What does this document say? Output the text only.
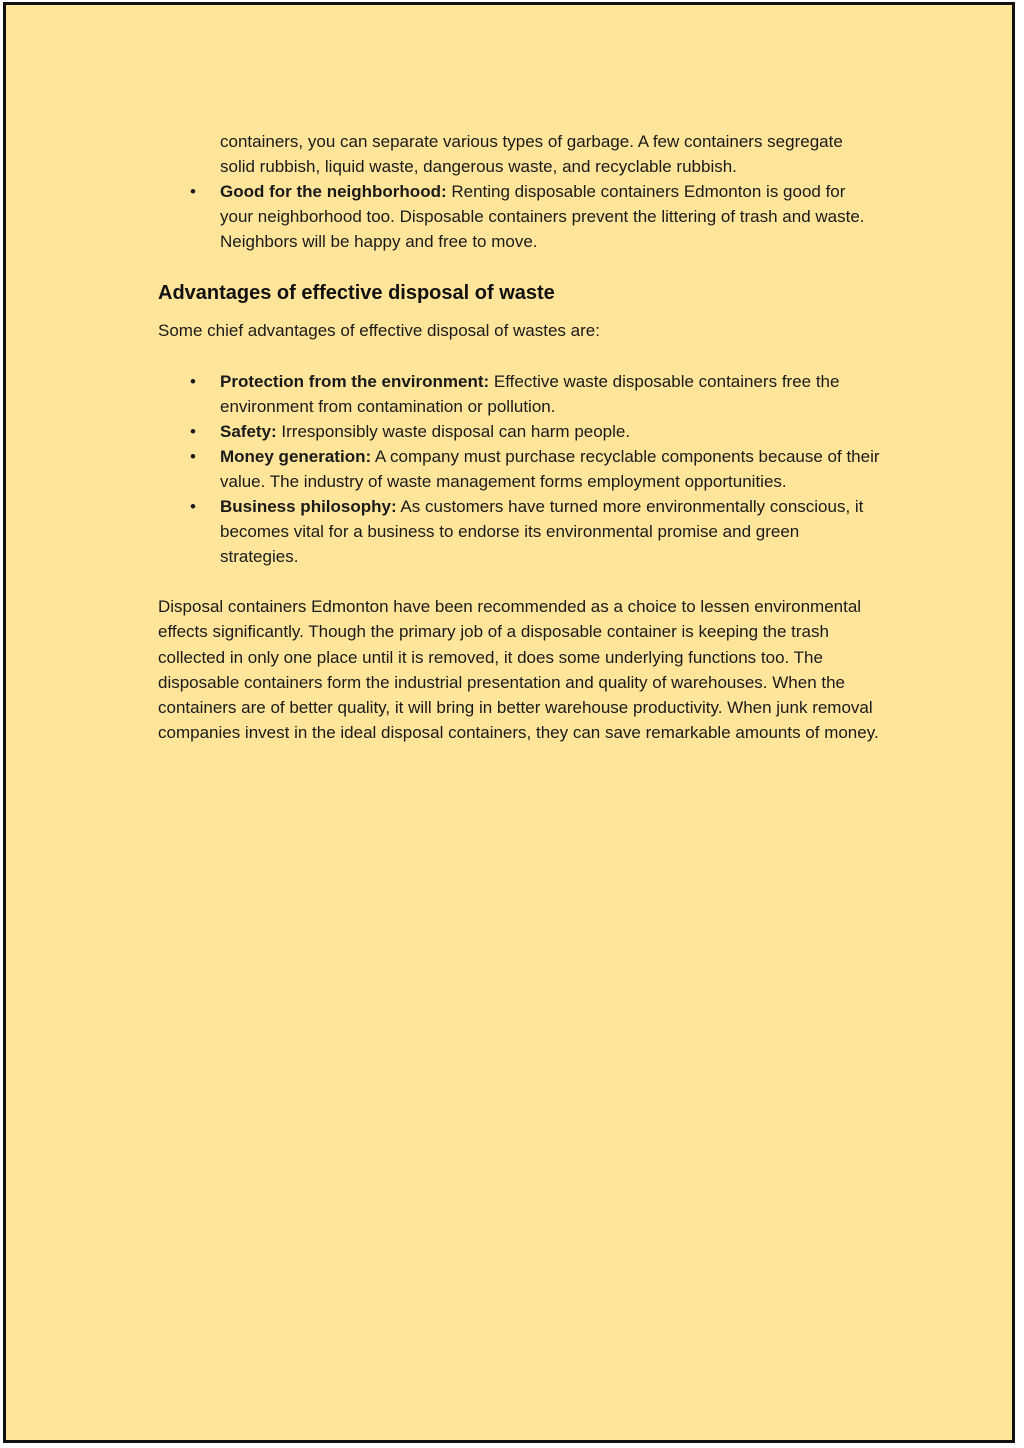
containers, you can separate various types of garbage. A few containers segregate solid rubbish, liquid waste, dangerous waste, and recyclable rubbish.

• Good for the neighborhood: Renting disposable containers Edmonton is good for your neighborhood too. Disposable containers prevent the littering of trash and waste. Neighbors will be happy and free to move.
Advantages of effective disposal of waste

Some chief advantages of effective disposal of wastes are:

• Protection from the environment: Effective waste disposable containers free the environment from contamination or pollution.
• Safety: Irresponsibly waste disposal can harm people.
• Money generation: A company must purchase recyclable components because of their value. The industry of waste management forms employment opportunities.
• Business philosophy: As customers have turned more environmentally conscious, it becomes vital for a business to endorse its environmental promise and green strategies.

Disposal containers Edmonton have been recommended as a choice to lessen environmental effects significantly. Though the primary job of a disposable container is keeping the trash collected in only one place until it is removed, it does some underlying functions too. The disposable containers form the industrial presentation and quality of warehouses. When the containers are of better quality, it will bring in better warehouse productivity. When junk removal companies invest in the ideal disposal containers, they can save remarkable amounts of money.
